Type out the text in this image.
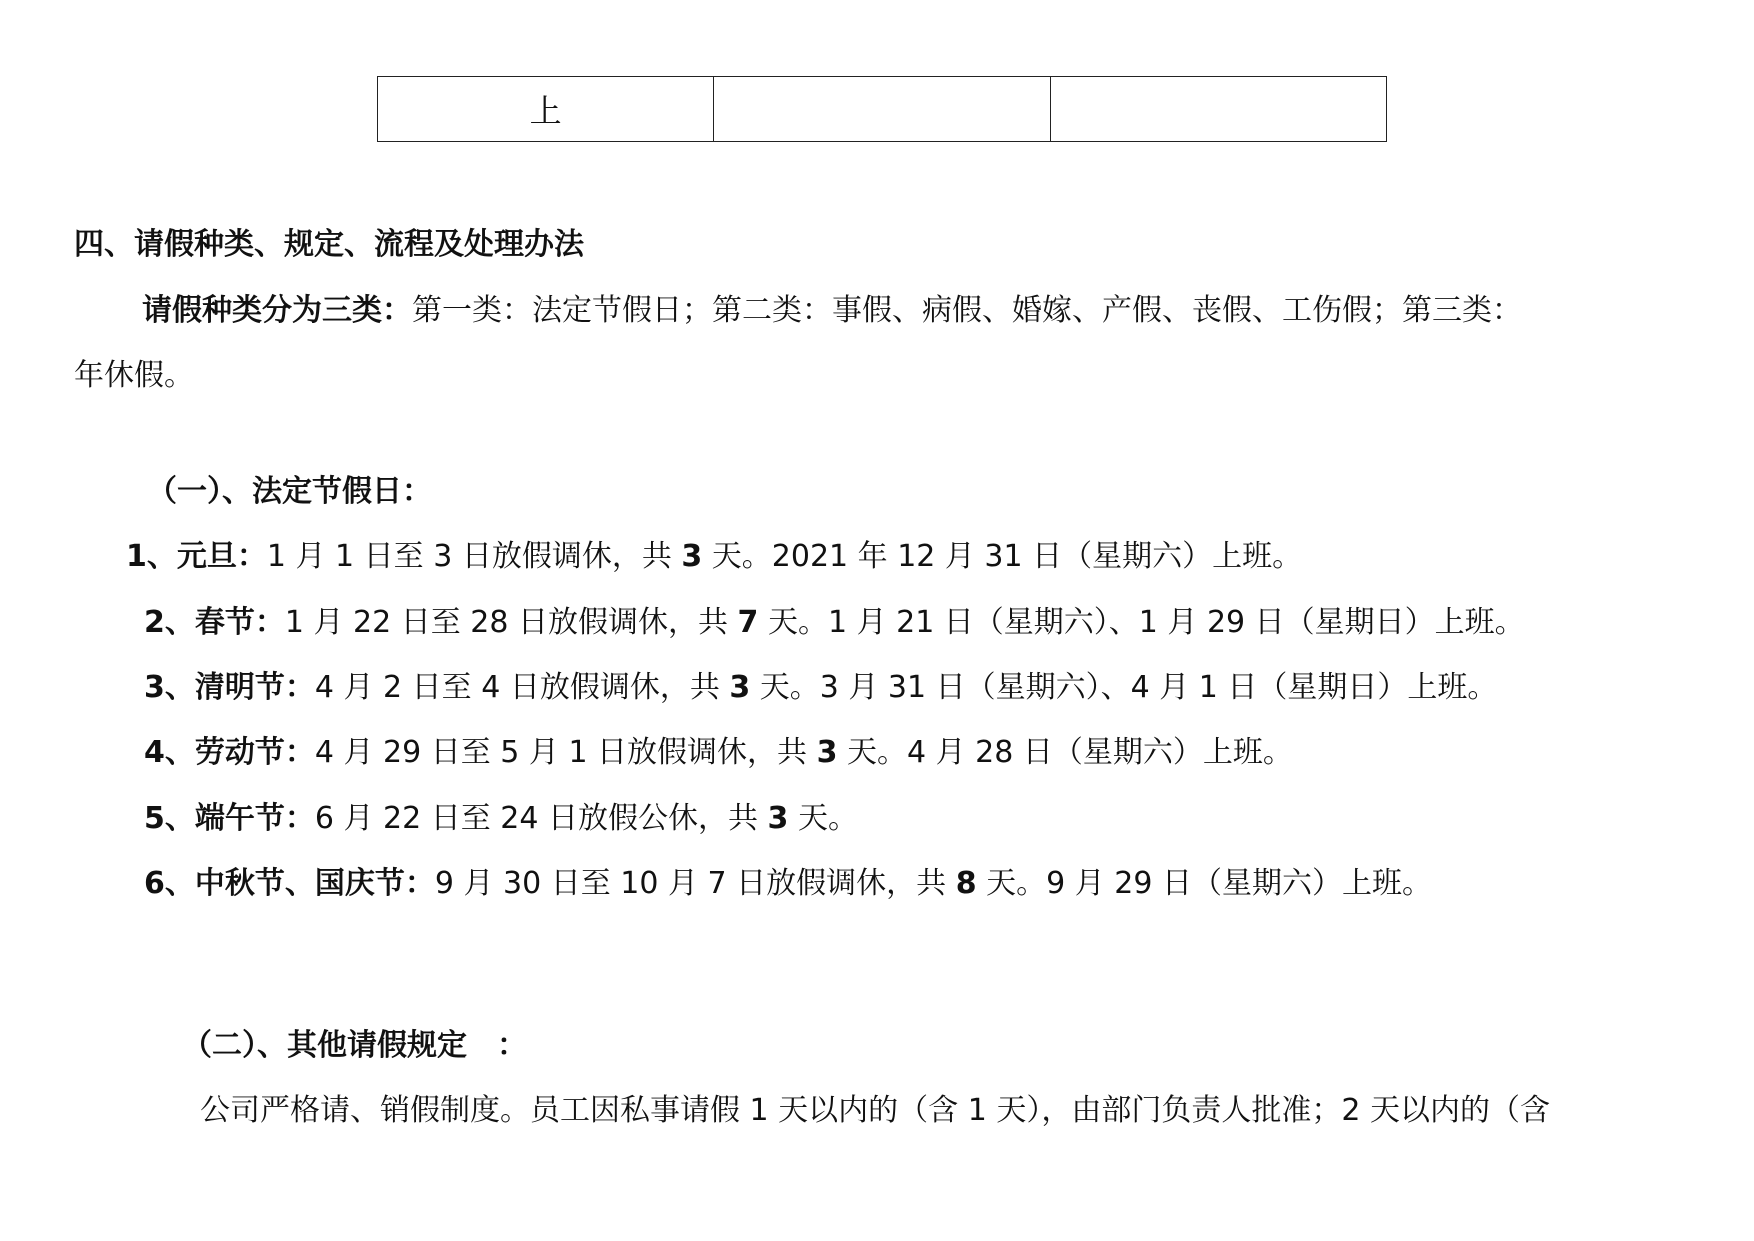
上		
四、请假种类、规定、流程及处理办法
请假种类分为三类：第一类：法定节假日；第二类：事假、病假、婚嫁、产假、丧假、工伤假；第三类：
年休假。
（一）、法定节假日：
1、元旦：1 月 1 日至 3 日放假调休，共 3 天。2021 年 12 月 31 日（星期六）上班。
2、春节：1 月 22 日至 28 日放假调休，共 7 天。1 月 21 日（星期六）、1 月 29 日（星期日）上班。
3、清明节：4 月 2 日至 4 日放假调休，共 3 天。3 月 31 日（星期六）、4 月 1 日（星期日）上班。
4、劳动节：4 月 29 日至 5 月 1 日放假调休，共 3 天。4 月 28 日（星期六）上班。
5、端午节：6 月 22 日至 24 日放假公休，共 3 天。
6、中秋节、国庆节：9 月 30 日至 10 月 7 日放假调休，共 8 天。9 月 29 日（星期六）上班。
（二）、其他请假规定　：
公司严格请、销假制度。员工因私事请假 1 天以内的（含 1 天），由部门负责人批准；2 天以内的（含
